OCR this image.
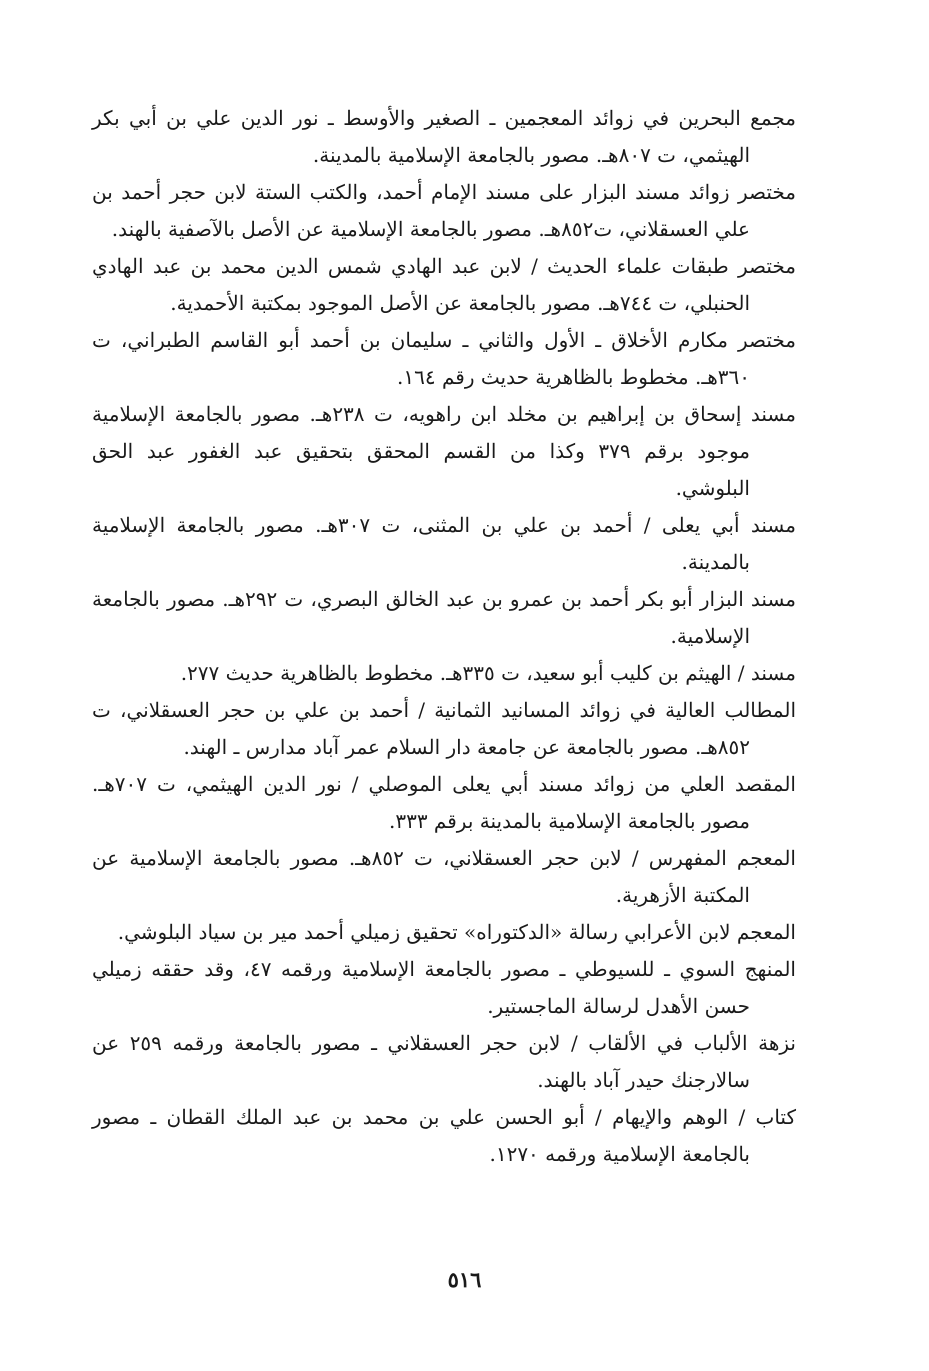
مجمع البحرين في زوائد المعجمين ـ الصغير والأوسط ـ نور الدين علي بن أبي بكر الهيثمي، ت ٨٠٧هـ. مصور بالجامعة الإسلامية بالمدينة.

مختصر زوائد مسند البزار على مسند الإمام أحمد، والكتب الستة لابن حجر أحمد بن علي العسقلاني، ت٨٥٢هـ. مصور بالجامعة الإسلامية عن الأصل بالآصفية بالهند.

مختصر طبقات علماء الحديث / لابن عبد الهادي شمس الدين محمد بن عبد الهادي الحنبلي، ت ٧٤٤هـ. مصور بالجامعة عن الأصل الموجود بمكتبة الأحمدية.

مختصر مكارم الأخلاق ـ الأول والثاني ـ سليمان بن أحمد أبو القاسم الطبراني، ت ٣٦٠هـ. مخطوط بالظاهرية حديث رقم ١٦٤.

مسند إسحاق بن إبراهيم بن مخلد ابن راهويه، ت ٢٣٨هـ. مصور بالجامعة الإسلامية موجود برقم ٣٧٩ وكذا من القسم المحقق بتحقيق عبد الغفور عبد الحق البلوشي.

مسند أبي يعلى / أحمد بن علي بن المثنى، ت ٣٠٧هـ. مصور بالجامعة الإسلامية بالمدينة.

مسند البزار أبو بكر أحمد بن عمرو بن عبد الخالق البصري، ت ٢٩٢هـ. مصور بالجامعة الإسلامية.

مسند / الهيثم بن كليب أبو سعيد، ت ٣٣٥هـ. مخطوط بالظاهرية حديث ٢٧٧.

المطالب العالية في زوائد المسانيد الثمانية / أحمد بن علي بن حجر العسقلاني، ت ٨٥٢هـ. مصور بالجامعة عن جامعة دار السلام عمر آباد مدارس ـ الهند.

المقصد العلي من زوائد مسند أبي يعلى الموصلي / نور الدين الهيثمي، ت ٧٠٧هـ. مصور بالجامعة الإسلامية بالمدينة برقم ٣٣٣.

المعجم المفهرس / لابن حجر العسقلاني، ت ٨٥٢هـ. مصور بالجامعة الإسلامية عن المكتبة الأزهرية.

المعجم لابن الأعرابي رسالة «الدكتوراه» تحقيق زميلي أحمد مير بن سياد البلوشي.

المنهج السوي ـ للسيوطي ـ مصور بالجامعة الإسلامية ورقمه ٤٧، وقد حققه زميلي حسن الأهدل لرسالة الماجستير.

نزهة الألباب في الألقاب / لابن حجر العسقلاني ـ مصور بالجامعة ورقمه ٢٥٩ عن سالارجنك حيدر آباد بالهند.

كتاب / الوهم والإيهام / أبو الحسن علي بن محمد بن عبد الملك القطان ـ مصور بالجامعة الإسلامية ورقمه ١٢٧٠.

٥١٦
